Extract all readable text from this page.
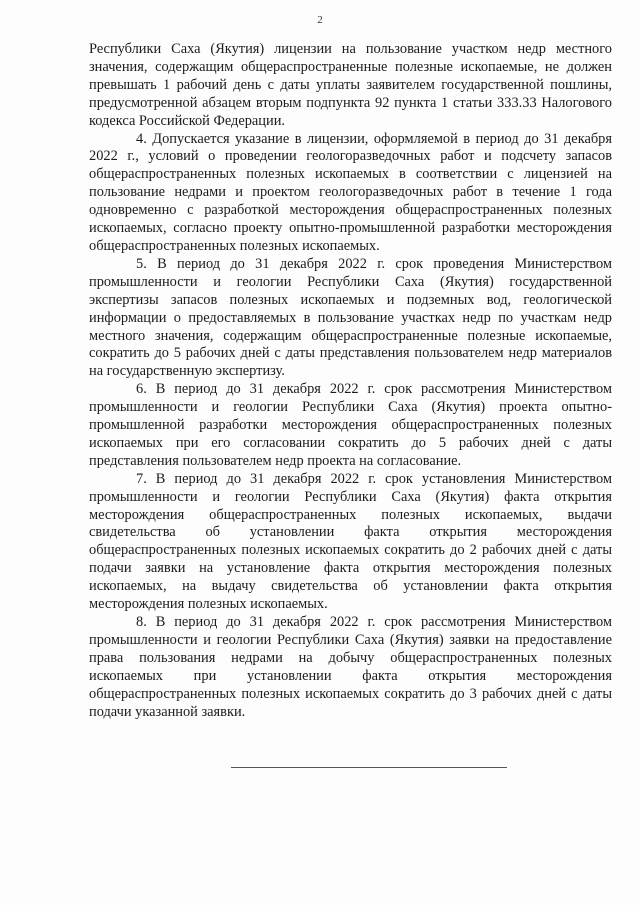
2

Республики Саха (Якутия) лицензии на пользование участком недр местного значения, содержащим общераспространенные полезные ископаемые, не должен превышать 1 рабочий день с даты уплаты заявителем государственной пошлины, предусмотренной абзацем вторым подпункта 92 пункта 1 статьи 333.33 Налогового кодекса Российской Федерации.

4. Допускается указание в лицензии, оформляемой в период до 31 декабря 2022 г., условий о проведении геологоразведочных работ и подсчету запасов общераспространенных полезных ископаемых в соответствии с лицензией на пользование недрами и проектом геологоразведочных работ в течение 1 года одновременно с разработкой месторождения общераспространенных полезных ископаемых, согласно проекту опытно-промышленной разработки месторождения общераспространенных полезных ископаемых.

5. В период до 31 декабря 2022 г. срок проведения Министерством промышленности и геологии Республики Саха (Якутия) государственной экспертизы запасов полезных ископаемых и подземных вод, геологической информации о предоставляемых в пользование участках недр по участкам недр местного значения, содержащим общераспространенные полезные ископаемые, сократить до 5 рабочих дней с даты представления пользователем недр материалов на государственную экспертизу.

6. В период до 31 декабря 2022 г. срок рассмотрения Министерством промышленности и геологии Республики Саха (Якутия) проекта опытно-промышленной разработки месторождения общераспространенных полезных ископаемых при его согласовании сократить до 5 рабочих дней с даты представления пользователем недр проекта на согласование.

7. В период до 31 декабря 2022 г. срок установления Министерством промышленности и геологии Республики Саха (Якутия) факта открытия месторождения общераспространенных полезных ископаемых, выдачи свидетельства об установлении факта открытия месторождения общераспространенных полезных ископаемых сократить до 2 рабочих дней с даты подачи заявки на установление факта открытия месторождения полезных ископаемых, на выдачу свидетельства об установлении факта открытия месторождения полезных ископаемых.

8. В период до 31 декабря 2022 г. срок рассмотрения Министерством промышленности и геологии Республики Саха (Якутия) заявки на предоставление права пользования недрами на добычу общераспространенных полезных ископаемых при установлении факта открытия месторождения общераспространенных полезных ископаемых сократить до 3 рабочих дней с даты подачи указанной заявки.
